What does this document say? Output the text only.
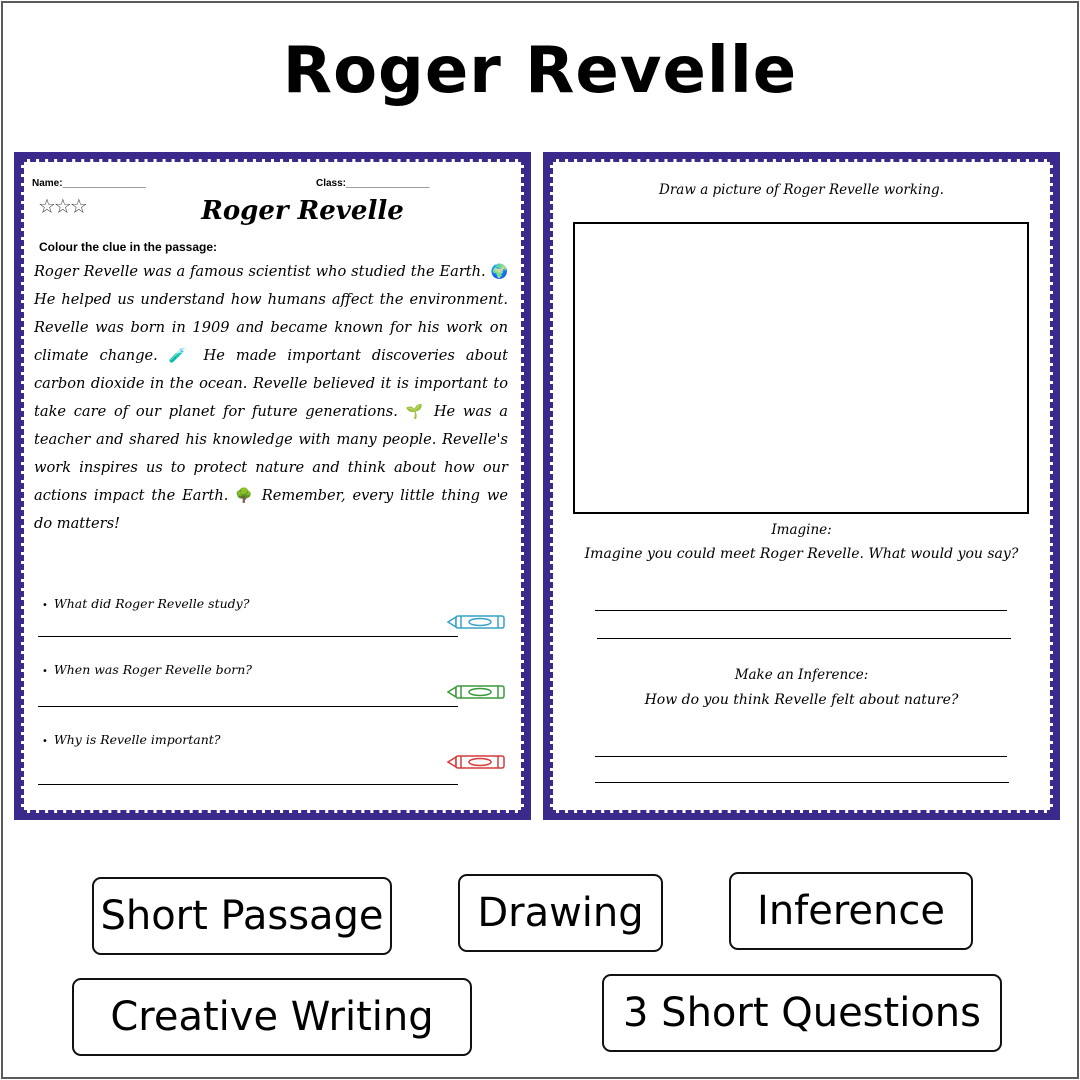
Roger Revelle
Name:_______________	Class:_______________
☆☆☆	Roger Revelle
Colour the clue in the passage:

Roger Revelle was a famous scientist who studied the Earth. 🌍 He helped us understand how humans affect the environment. Revelle was born in 1909 and became known for his work on climate change. 🧪 He made important discoveries about carbon dioxide in the ocean. Revelle believed it is important to take care of our planet for future generations. 🌱 He was a teacher and shared his knowledge with many people. Revelle's work inspires us to protect nature and think about how our actions impact the Earth. 🌳 Remember, every little thing we do matters!

• What did Roger Revelle study?
• When was Roger Revelle born?
• Why is Revelle important?
Draw a picture of Roger Revelle working.
Imagine:
Imagine you could meet Roger Revelle. What would you say?
Make an Inference:
How do you think Revelle felt about nature?
Short Passage	Drawing	Inference
Creative Writing	3 Short Questions
